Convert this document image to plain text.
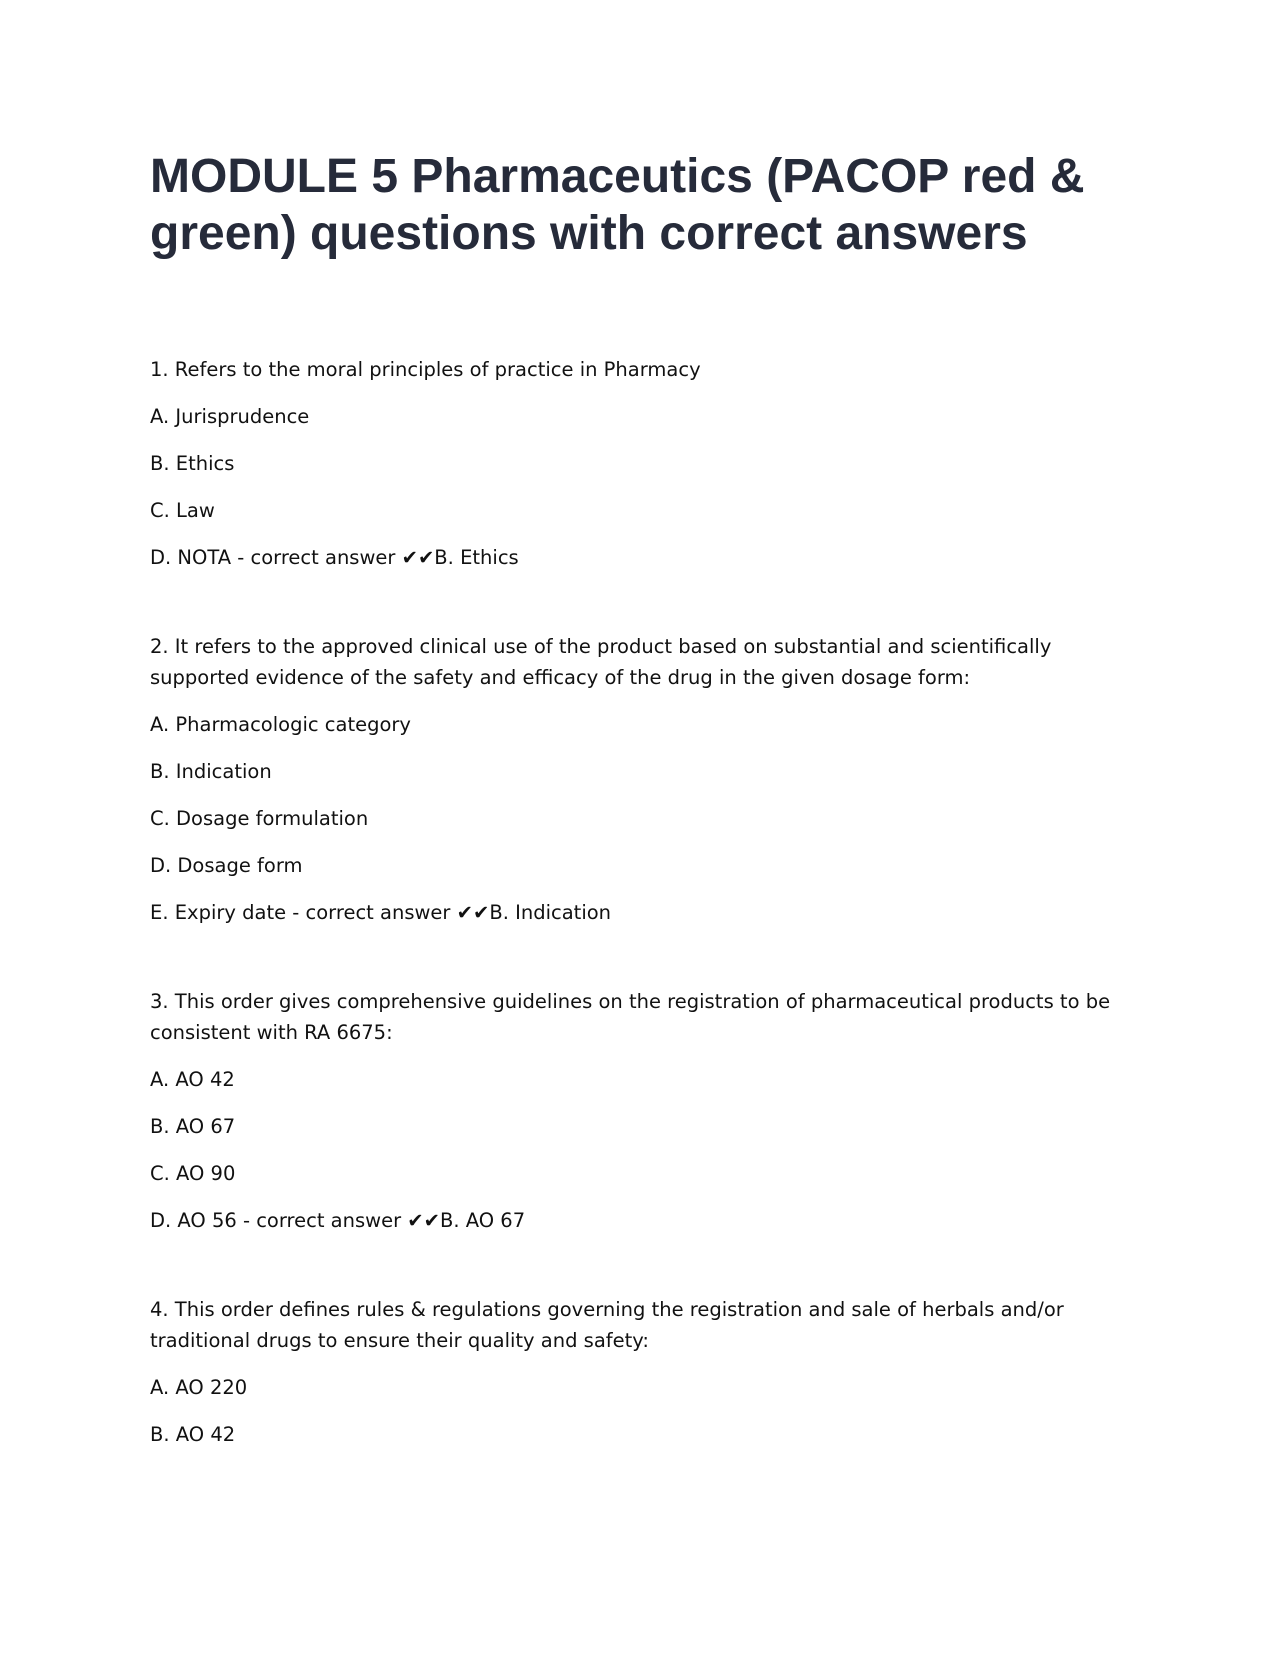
MODULE 5 Pharmaceutics (PACOP red & green) questions with correct answers

1. Refers to the moral principles of practice in Pharmacy

A. Jurisprudence

B. Ethics

C. Law

D. NOTA - correct answer ✔✔B. Ethics

2. It refers to the approved clinical use of the product based on substantial and scientifically supported evidence of the safety and efficacy of the drug in the given dosage form:

A. Pharmacologic category

B. Indication

C. Dosage formulation

D. Dosage form

E. Expiry date - correct answer ✔✔B. Indication

3. This order gives comprehensive guidelines on the registration of pharmaceutical products to be consistent with RA 6675:

A. AO 42

B. AO 67

C. AO 90

D. AO 56 - correct answer ✔✔B. AO 67

4. This order defines rules & regulations governing the registration and sale of herbals and/or traditional drugs to ensure their quality and safety:

A. AO 220

B. AO 42
